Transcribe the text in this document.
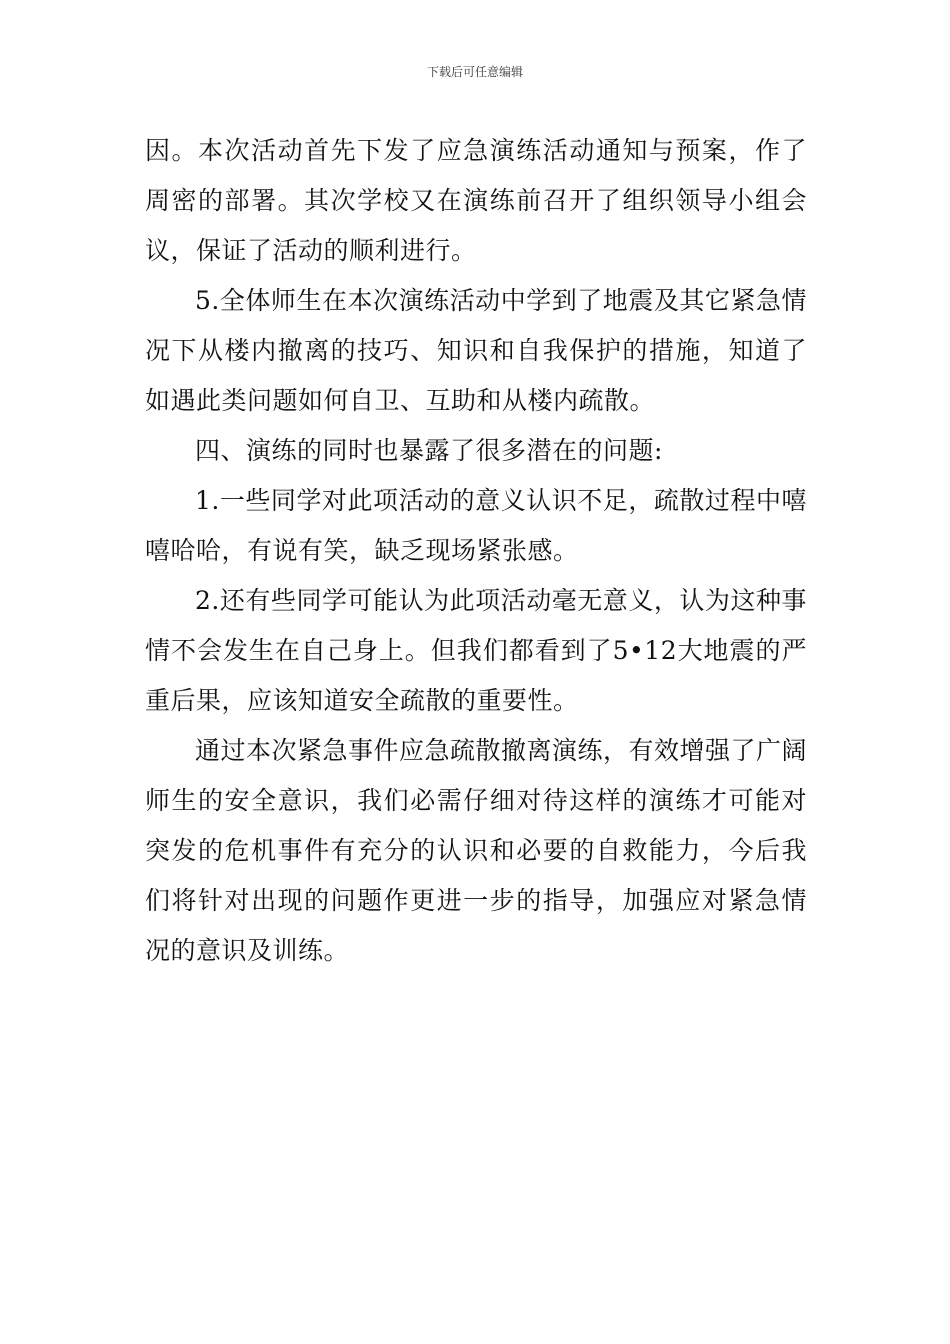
下载后可任意编辑

因。本次活动首先下发了应急演练活动通知与预案，作了周密的部署。其次学校又在演练前召开了组织领导小组会议，保证了活动的顺利进行。

5.全体师生在本次演练活动中学到了地震及其它紧急情况下从楼内撤离的技巧、知识和自我保护的措施，知道了如遇此类问题如何自卫、互助和从楼内疏散。

四、演练的同时也暴露了很多潜在的问题:

1.一些同学对此项活动的意义认识不足，疏散过程中嘻嘻哈哈，有说有笑，缺乏现场紧张感。

2.还有些同学可能认为此项活动毫无意义，认为这种事情不会发生在自己身上。但我们都看到了5•12大地震的严重后果，应该知道安全疏散的重要性。

通过本次紧急事件应急疏散撤离演练，有效增强了广阔师生的安全意识，我们必需仔细对待这样的演练才可能对突发的危机事件有充分的认识和必要的自救能力，今后我们将针对出现的问题作更进一步的指导，加强应对紧急情况的意识及训练。
